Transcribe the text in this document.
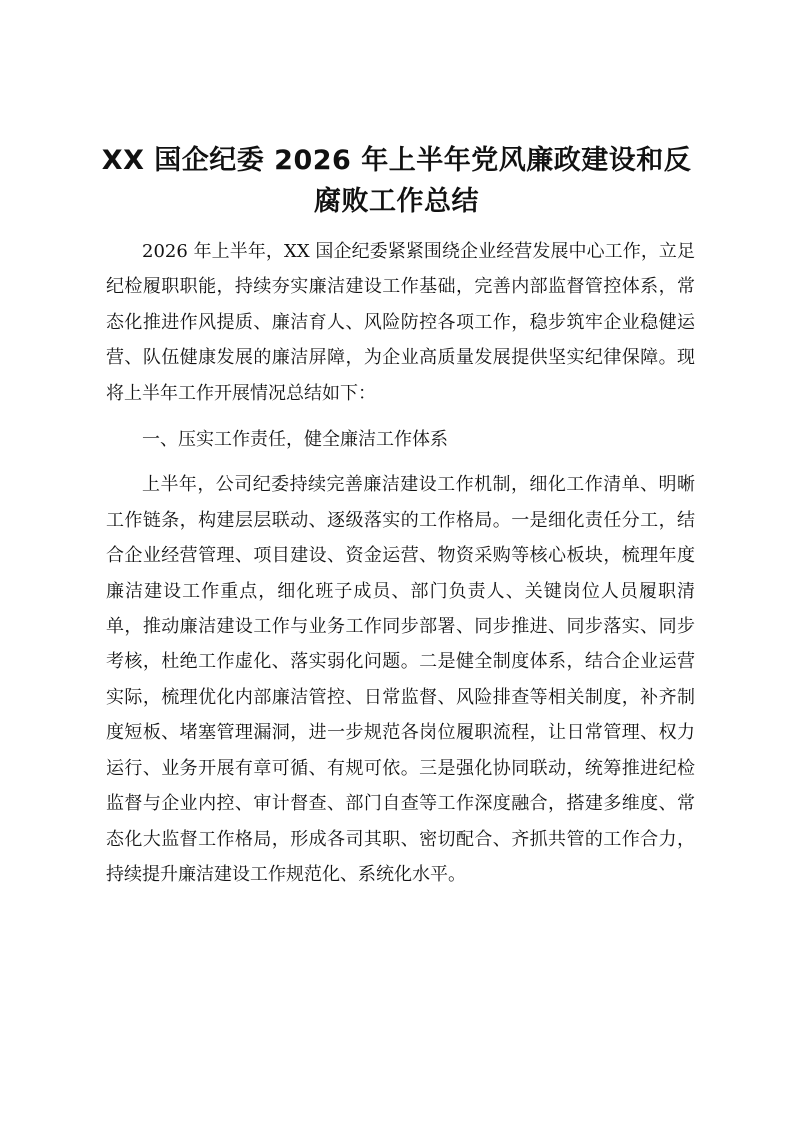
XX 国企纪委 2026 年上半年党风廉政建设和反腐败工作总结

2026 年上半年，XX 国企纪委紧紧围绕企业经营发展中心工作，立足纪检履职职能，持续夯实廉洁建设工作基础，完善内部监督管控体系，常态化推进作风提质、廉洁育人、风险防控各项工作，稳步筑牢企业稳健运营、队伍健康发展的廉洁屏障，为企业高质量发展提供坚实纪律保障。现将上半年工作开展情况总结如下：

一、压实工作责任，健全廉洁工作体系

上半年，公司纪委持续完善廉洁建设工作机制，细化工作清单、明晰工作链条，构建层层联动、逐级落实的工作格局。一是细化责任分工，结合企业经营管理、项目建设、资金运营、物资采购等核心板块，梳理年度廉洁建设工作重点，细化班子成员、部门负责人、关键岗位人员履职清单，推动廉洁建设工作与业务工作同步部署、同步推进、同步落实、同步考核，杜绝工作虚化、落实弱化问题。二是健全制度体系，结合企业运营实际，梳理优化内部廉洁管控、日常监督、风险排查等相关制度，补齐制度短板、堵塞管理漏洞，进一步规范各岗位履职流程，让日常管理、权力运行、业务开展有章可循、有规可依。三是强化协同联动，统筹推进纪检监督与企业内控、审计督查、部门自查等工作深度融合，搭建多维度、常态化大监督工作格局，形成各司其职、密切配合、齐抓共管的工作合力，持续提升廉洁建设工作规范化、系统化水平。
